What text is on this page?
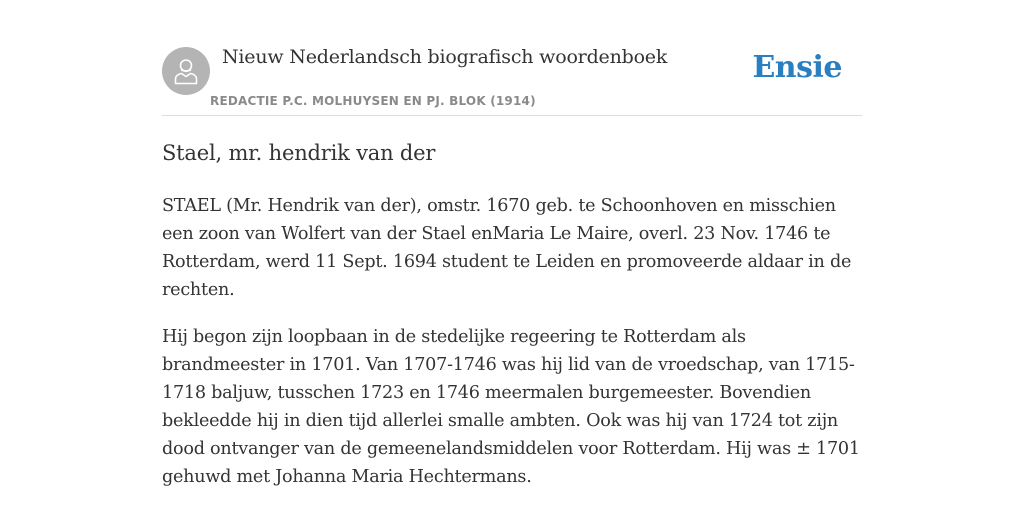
Nieuw Nederlandsch biografisch woordenboek
REDACTIE P.C. MOLHUYSEN EN PJ. BLOK (1914)
Ensie
Stael, mr. hendrik van der

STAEL (Mr. Hendrik van der), omstr. 1670 geb. te Schoonhoven en misschien een zoon van Wolfert van der Stael enMaria Le Maire, overl. 23 Nov. 1746 te Rotterdam, werd 11 Sept. 1694 student te Leiden en promoveerde aldaar in de rechten.

Hij begon zijn loopbaan in de stedelijke regeering te Rotterdam als brandmeester in 1701. Van 1707-1746 was hij lid van de vroedschap, van 1715-1718 baljuw, tusschen 1723 en 1746 meermalen burgemeester. Bovendien bekleedde hij in dien tijd allerlei smalle ambten. Ook was hij van 1724 tot zijn dood ontvanger van de gemeenelandsmiddelen voor Rotterdam. Hij was ± 1701 gehuwd met Johanna Maria Hechtermans.
